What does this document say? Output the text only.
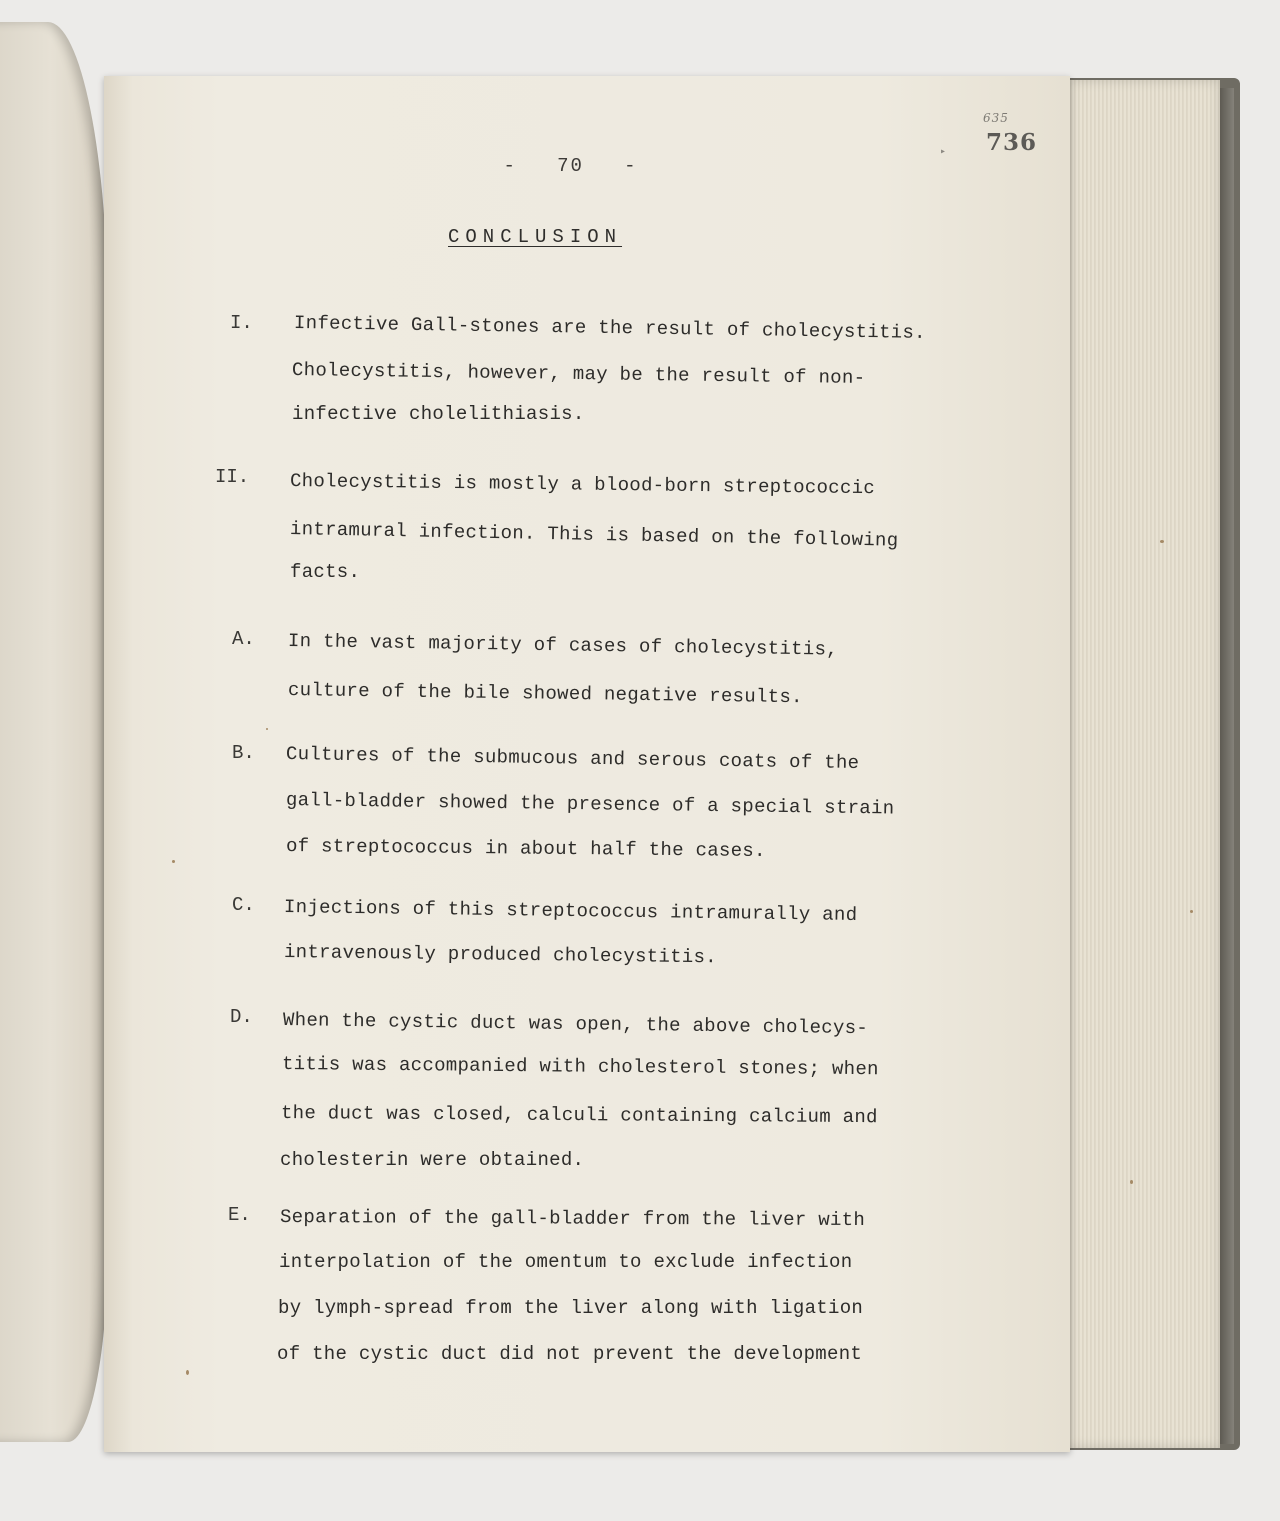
▸
635
736
-   70   -
CONCLUSION
I. Infective Gall-stones are the result of cholecystitis.
Cholecystitis, however, may be the result of non-
infective cholelithiasis.
II. Cholecystitis is mostly a blood-born streptococcic
intramural infection. This is based on the following
facts.
A. In the vast majority of cases of cholecystitis,
culture of the bile showed negative results.
B. Cultures of the submucous and serous coats of the
gall-bladder showed the presence of a special strain
of streptococcus in about half the cases.
C. Injections of this streptococcus intramurally and
intravenously produced cholecystitis.
D. When the cystic duct was open, the above cholecys-
titis was accompanied with cholesterol stones; when
the duct was closed, calculi containing calcium and
cholesterin were obtained.
E. Separation of the gall-bladder from the liver with
interpolation of the omentum to exclude infection
by lymph-spread from the liver along with ligation
of the cystic duct did not prevent the development
